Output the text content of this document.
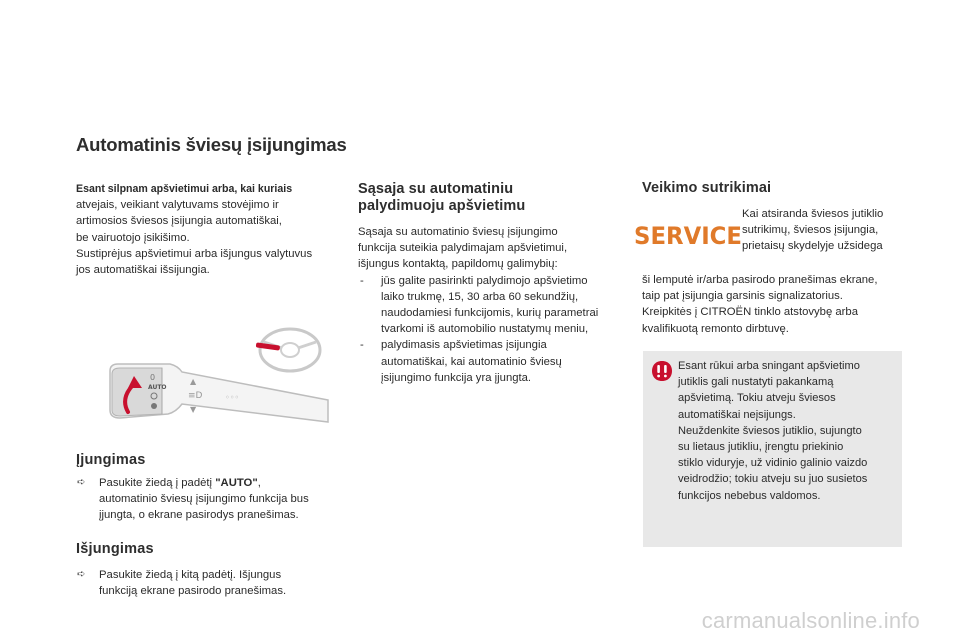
Automatinis šviesų įsijungimas
Esant silpnam apšvietimui arba, kai kuriais
atvejais, veikiant valytuvams stovėjimo ir
artimosios šviesos įsijungia automatiškai,
be vairuotojo įsikišimo.
Sustiprėjus apšvietimui arba išjungus valytuvus
jos automatiškai išsijungia.
0
AUTO
▲
≡D
▼
◦◦◦
Įjungimas
➪ Pasukite žiedą į padėtį "AUTO",
automatinio šviesų įsijungimo funkcija bus
įjungta, o ekrane pasirodys pranešimas.
Išjungimas
➪ Pasukite žiedą į kitą padėtį. Išjungus
funkciją ekrane pasirodo pranešimas.
Sąsaja su automatiniu
palydimuoju apšvietimu
Sąsaja su automatinio šviesų įsijungimo
funkcija suteikia palydimajam apšvietimui,
išjungus kontaktą, papildomų galimybių:
- jūs galite pasirinkti palydimojo apšvietimo
laiko trukmę, 15, 30 arba 60 sekundžių,
naudodamiesi funkcijomis, kurių parametrai
tvarkomi iš automobilio nustatymų meniu,
- palydimasis apšvietimas įsijungia
automatiškai, kai automatinio šviesų
įsijungimo funkcija yra įjungta.
Veikimo sutrikimai
SERVICE
Kai atsiranda šviesos jutiklio
sutrikimų, šviesos įsijungia,
prietaisų skydelyje užsidega
ši lemputė ir/arba pasirodo pranešimas ekrane,
taip pat įsijungia garsinis signalizatorius.
Kreipkitės į CITROËN tinklo atstovybę arba
kvalifikuotą remonto dirbtuvę.
Esant rūkui arba sningant apšvietimo
jutiklis gali nustatyti pakankamą
apšvietimą. Tokiu atveju šviesos
automatiškai neįsijungs.
Neuždenkite šviesos jutiklio, sujungto
su lietaus jutikliu, įrengtu priekinio
stiklo viduryje, už vidinio galinio vaizdo
veidrodžio; tokiu atveju su juo susietos
funkcijos nebebus valdomos.
carmanualsonline.info
